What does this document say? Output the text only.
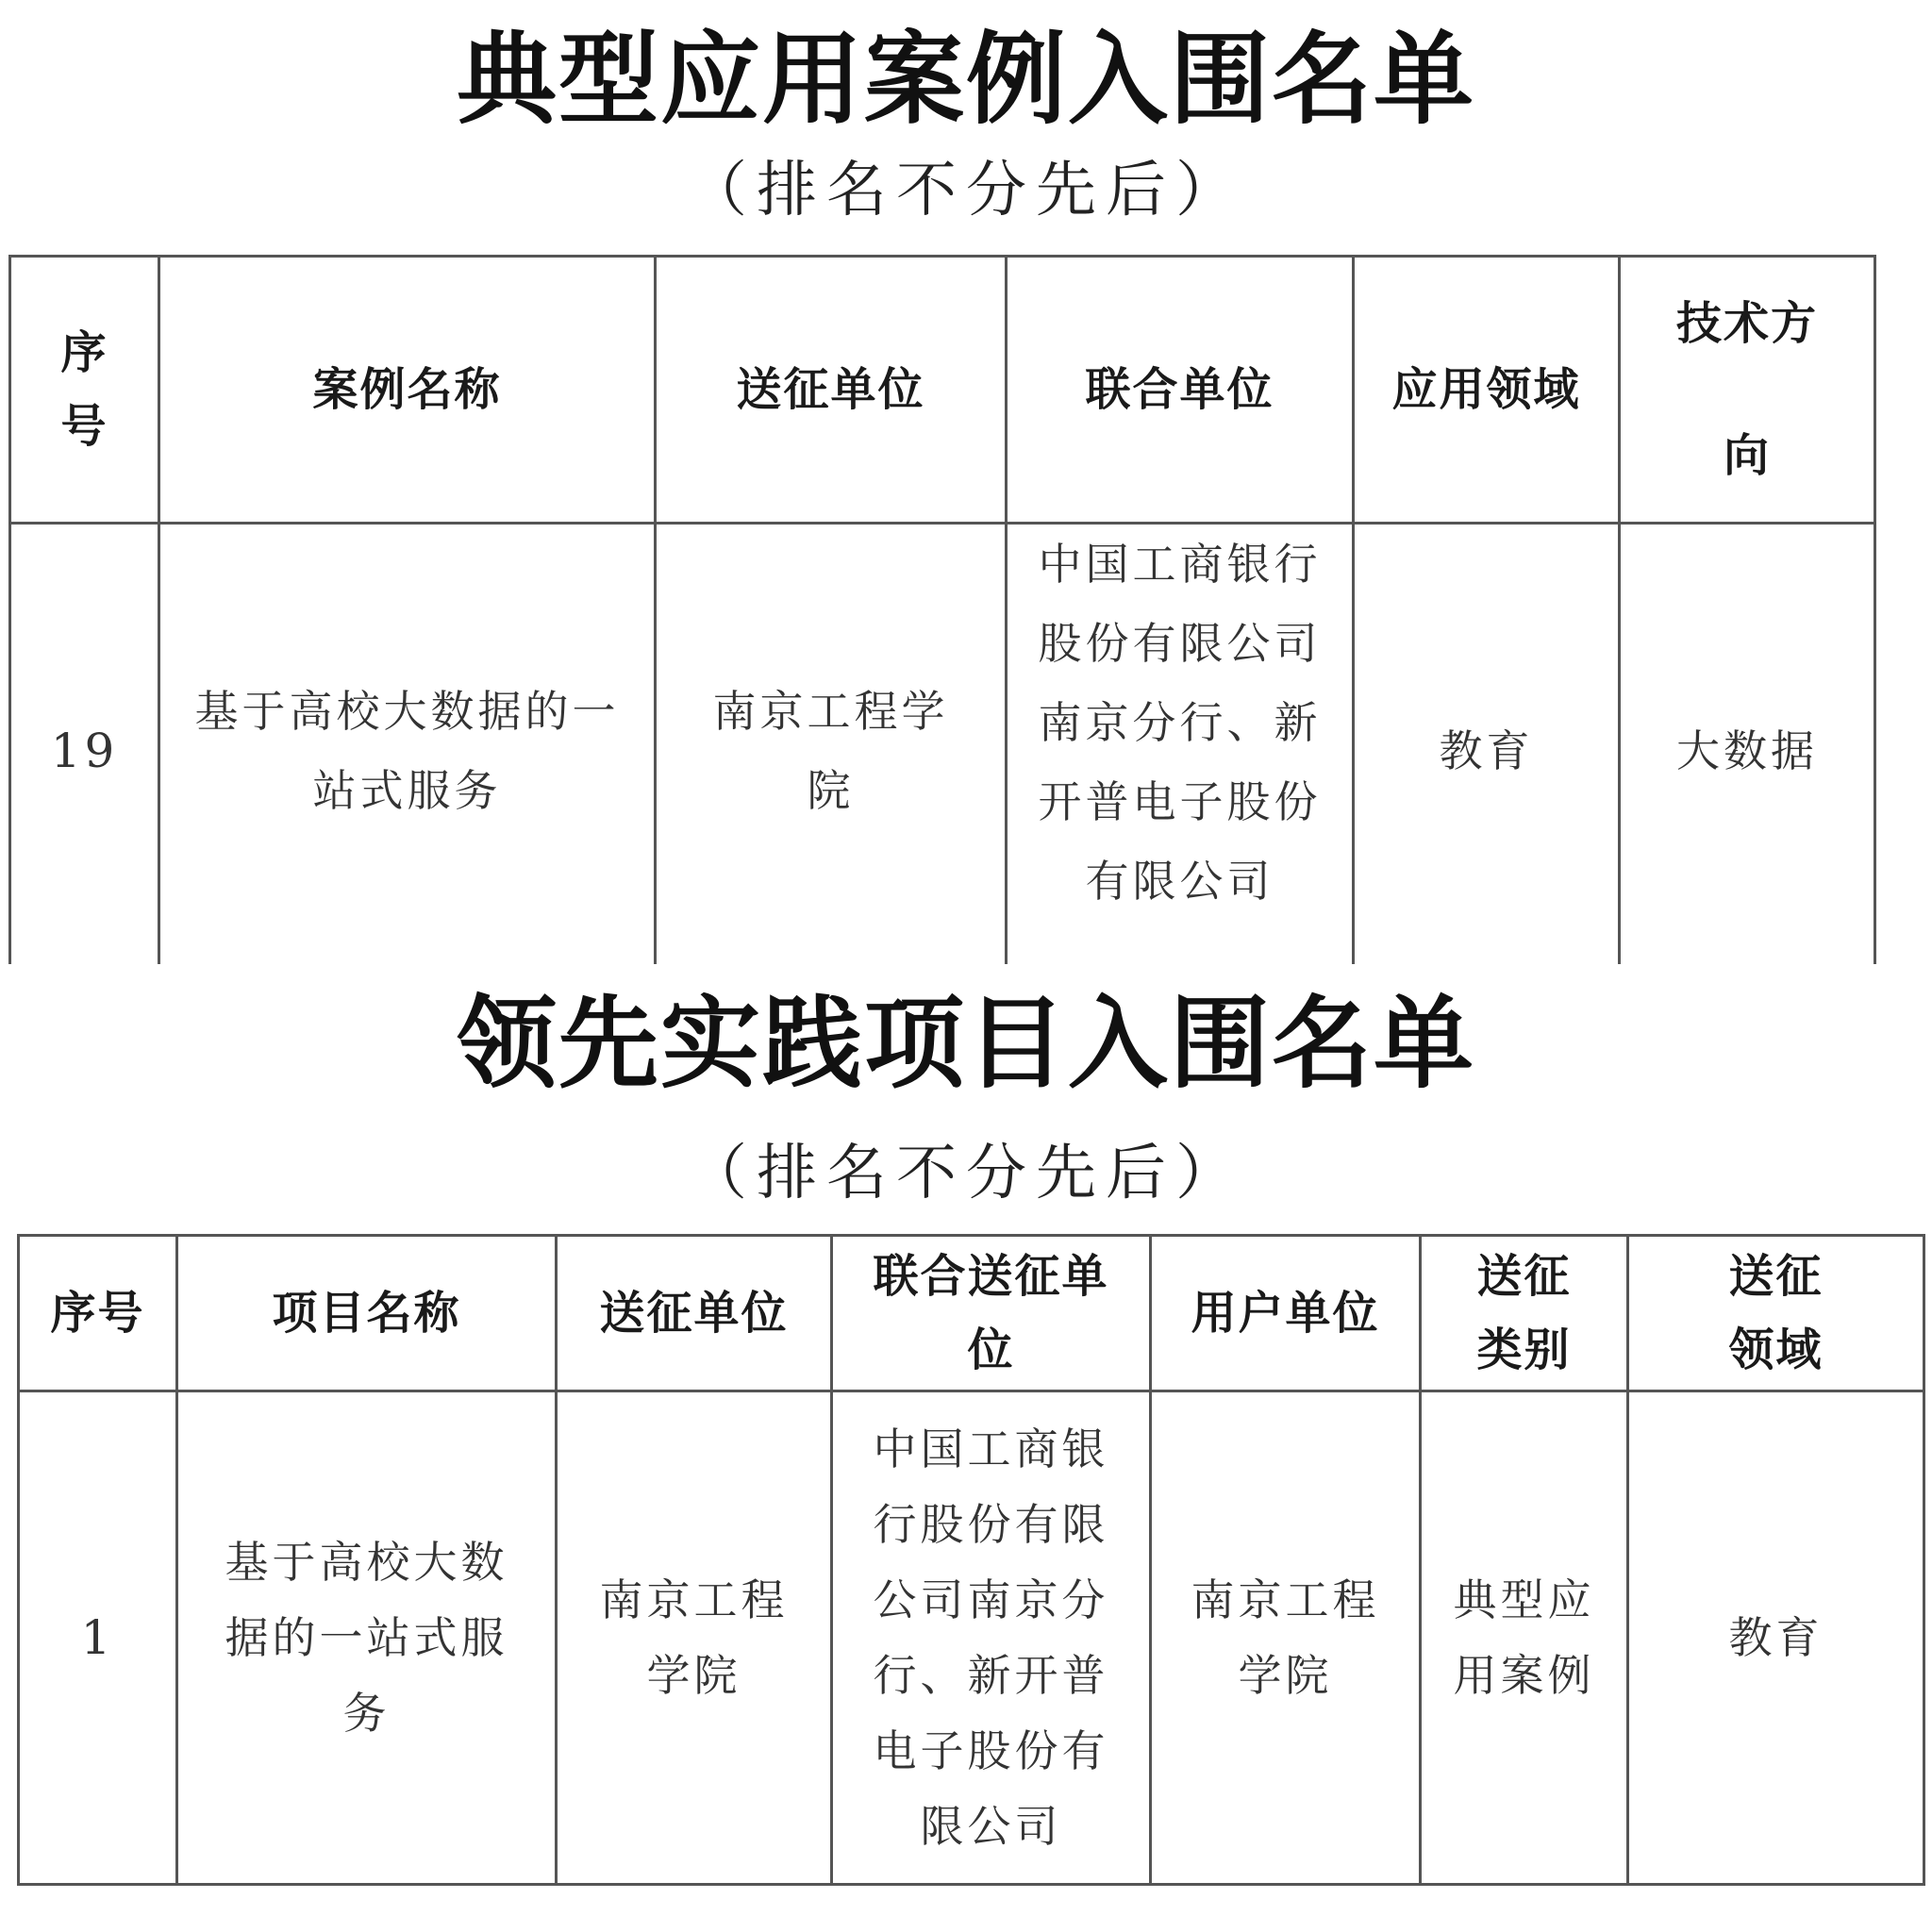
典型应用案例入围名单
（排名不分先后）
序号	案例名称	送征单位	联合单位	应用领域	技术方向
19	基于高校大数据的一站式服务	南京工程学院	中国工商银行股份有限公司南京分行、新开普电子股份有限公司	教育	大数据
领先实践项目入围名单
（排名不分先后）
序号	项目名称	送征单位	联合送征单位	用户单位	送征类别	送征领域
1	基于高校大数据的一站式服务	南京工程学院	中国工商银行股份有限公司南京分行、新开普电子股份有限公司	南京工程学院	典型应用案例	教育
